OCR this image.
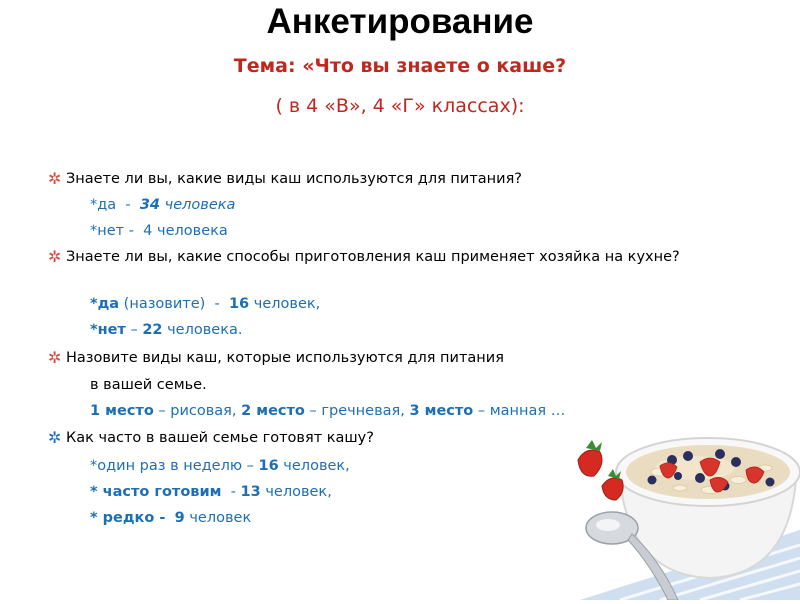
Анкетирование
Тема: «Что вы знаете о каше?
( в 4 «В», 4 «Г» классах):
✲ Знаете ли вы, какие виды каш используются для питания?
*да  -  34 человека
*нет - 4 человека
✲ Знаете ли вы, какие способы приготовления каш применяет хозяйка на кухне?
*да (назовите)  -  16 человек,
*нет – 22 человека.
✲ Назовите виды каш, которые используются для питания
в вашей семье.
1 место – рисовая, 2 место – гречневая, 3 место – манная …
✲ Как часто в вашей семье готовят кашу?
*один раз в неделю – 16 человек,
* часто готовим  - 13 человек,
* редко - 9 человек
